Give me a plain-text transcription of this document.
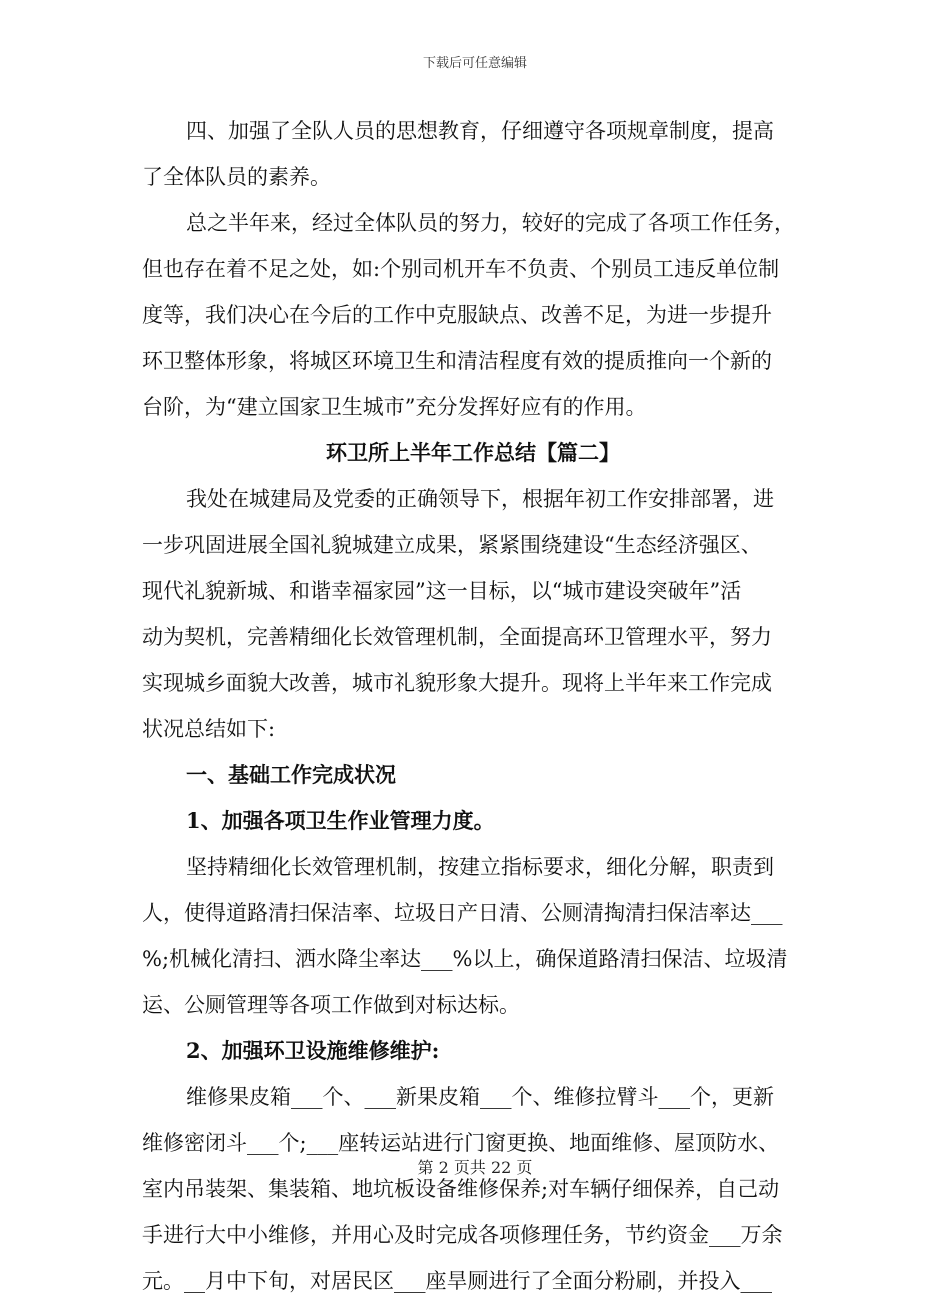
下载后可任意编辑
四、加强了全队人员的思想教育，仔细遵守各项规章制度，提高
了全体队员的素养。
总之半年来，经过全体队员的努力，较好的完成了各项工作任务，
但也存在着不足之处，如:个别司机开车不负责、个别员工违反单位制
度等，我们决心在今后的工作中克服缺点、改善不足，为进一步提升
环卫整体形象，将城区环境卫生和清洁程度有效的提质推向一个新的
台阶，为“建立国家卫生城市”充分发挥好应有的作用。
环卫所上半年工作总结【篇二】
我处在城建局及党委的正确领导下，根据年初工作安排部署，进
一步巩固进展全国礼貌城建立成果，紧紧围绕建设“生态经济强区、
现代礼貌新城、和谐幸福家园”这一目标，以“城市建设突破年”活
动为契机，完善精细化长效管理机制，全面提高环卫管理水平，努力
实现城乡面貌大改善，城市礼貌形象大提升。现将上半年来工作完成
状况总结如下:
一、基础工作完成状况
1、加强各项卫生作业管理力度。
坚持精细化长效管理机制，按建立指标要求，细化分解，职责到
人，使得道路清扫保洁率、垃圾日产日清、公厕清掏清扫保洁率达___
%;机械化清扫、洒水降尘率达___%以上，确保道路清扫保洁、垃圾清
运、公厕管理等各项工作做到对标达标。
2、加强环卫设施维修维护:
维修果皮箱___个、___新果皮箱___个、维修拉臂斗___个，更新
维修密闭斗___个;___座转运站进行门窗更换、地面维修、屋顶防水、
室内吊装架、集装箱、地坑板设备维修保养;对车辆仔细保养，自己动
手进行大中小维修，并用心及时完成各项修理任务，节约资金___万余
元。__月中下旬，对居民区___座旱厕进行了全面分粉刷，并投入___
第 2 页共 22 页
